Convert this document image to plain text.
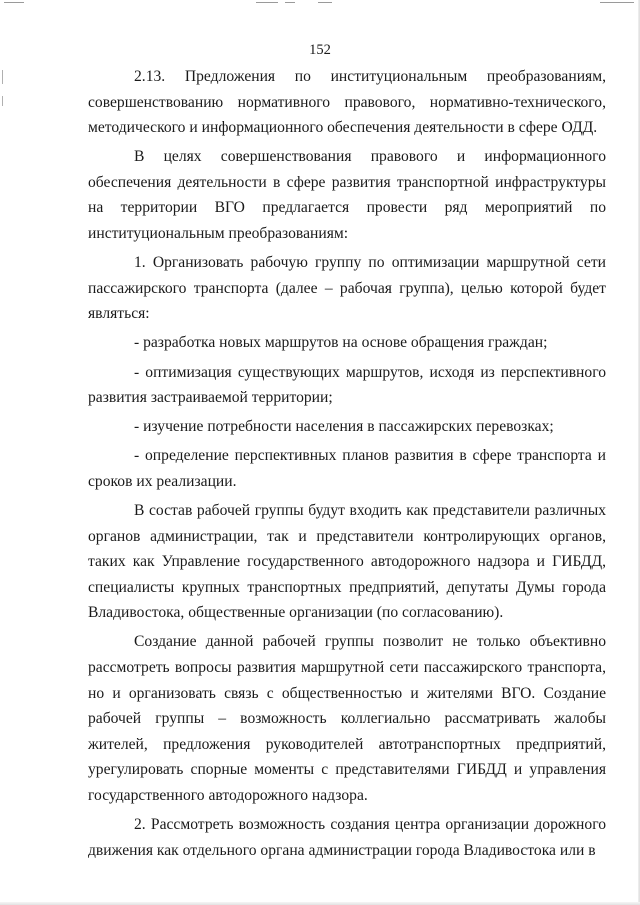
152

2.13. Предложения по институциональным преобразованиям, совершенствованию нормативного правового, нормативно-технического, методического и информационного обеспечения деятельности в сфере ОДД.

В целях совершенствования правового и информационного обеспечения деятельности в сфере развития транспортной инфраструктуры на территории ВГО предлагается провести ряд мероприятий по институциональным преобразованиям:

1. Организовать рабочую группу по оптимизации маршрутной сети пассажирского транспорта (далее – рабочая группа), целью которой будет являться:

- разработка новых маршрутов на основе обращения граждан;

- оптимизация существующих маршрутов, исходя из перспективного развития застраиваемой территории;

- изучение потребности населения в пассажирских перевозках;

- определение перспективных планов развития в сфере транспорта и сроков их реализации.

В состав рабочей группы будут входить как представители различных органов администрации, так и представители контролирующих органов, таких как Управление государственного автодорожного надзора и ГИБДД, специалисты крупных транспортных предприятий, депутаты Думы города Владивостока, общественные организации (по согласованию).

Создание данной рабочей группы позволит не только объективно рассмотреть вопросы развития маршрутной сети пассажирского транспорта, но и организовать связь с общественностью и жителями ВГО. Создание рабочей группы – возможность коллегиально рассматривать жалобы жителей, предложения руководителей автотранспортных предприятий, урегулировать спорные моменты с представителями ГИБДД и управления государственного автодорожного надзора.

2. Рассмотреть возможность создания центра организации дорожного движения как отдельного органа администрации города Владивостока или в
